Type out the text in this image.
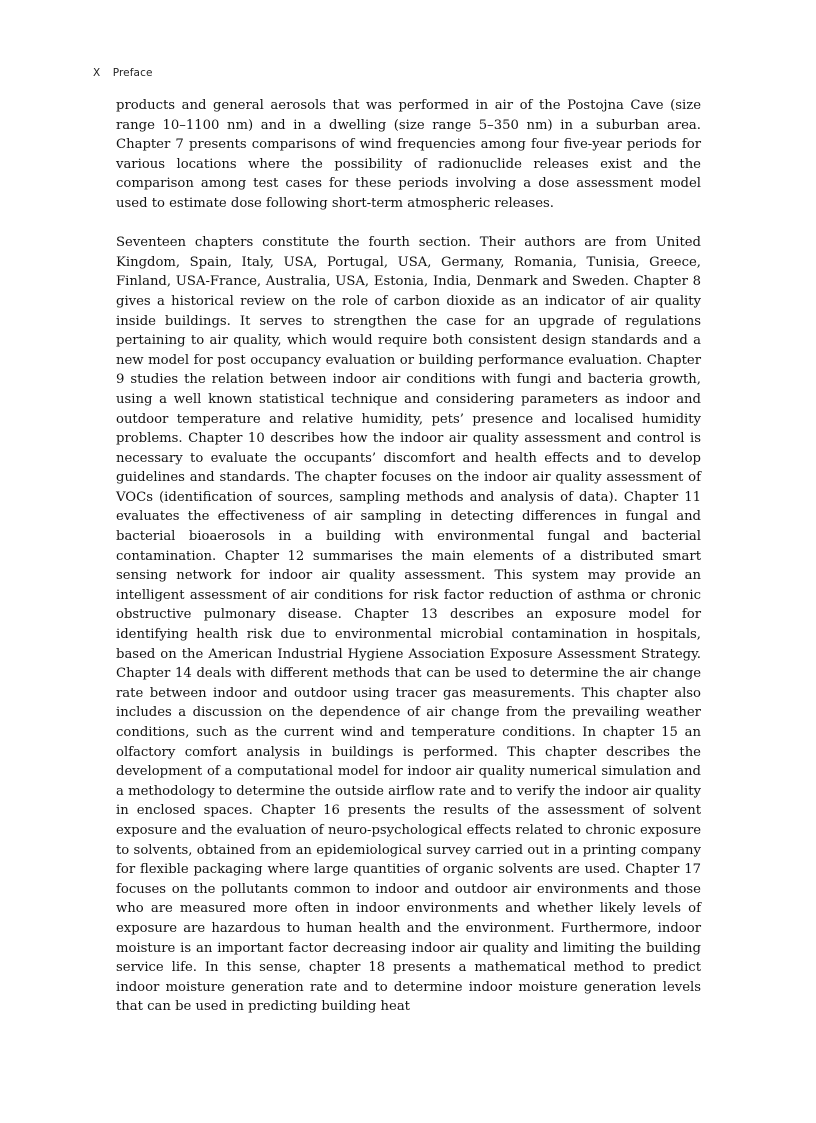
X Preface

products and general aerosols that was performed in air of the Postojna Cave (size range 10–1100 nm) and in a dwelling (size range 5–350 nm) in a suburban area. Chapter 7 presents comparisons of wind frequencies among four five-year periods for various locations where the possibility of radionuclide releases exist and the comparison among test cases for these periods involving a dose assessment model used to estimate dose following short-term atmospheric releases.

Seventeen chapters constitute the fourth section. Their authors are from United Kingdom, Spain, Italy, USA, Portugal, USA, Germany, Romania, Tunisia, Greece, Finland, USA-France, Australia, USA, Estonia, India, Denmark and Sweden. Chapter 8 gives a historical review on the role of carbon dioxide as an indicator of air quality inside buildings. It serves to strengthen the case for an upgrade of regulations pertaining to air quality, which would require both consistent design standards and a new model for post occupancy evaluation or building performance evaluation. Chapter 9 studies the relation between indoor air conditions with fungi and bacteria growth, using a well known statistical technique and considering parameters as indoor and outdoor temperature and relative humidity, pets’ presence and localised humidity problems. Chapter 10 describes how the indoor air quality assessment and control is necessary to evaluate the occupants’ discomfort and health effects and to develop guidelines and standards. The chapter focuses on the indoor air quality assessment of VOCs (identification of sources, sampling methods and analysis of data). Chapter 11 evaluates the effectiveness of air sampling in detecting differences in fungal and bacterial bioaerosols in a building with environmental fungal and bacterial contamination. Chapter 12 summarises the main elements of a distributed smart sensing network for indoor air quality assessment. This system may provide an intelligent assessment of air conditions for risk factor reduction of asthma or chronic obstructive pulmonary disease. Chapter 13 describes an exposure model for identifying health risk due to environmental microbial contamination in hospitals, based on the American Industrial Hygiene Association Exposure Assessment Strategy. Chapter 14 deals with different methods that can be used to determine the air change rate between indoor and outdoor using tracer gas measurements. This chapter also includes a discussion on the dependence of air change from the prevailing weather conditions, such as the current wind and temperature conditions. In chapter 15 an olfactory comfort analysis in buildings is performed. This chapter describes the development of a computational model for indoor air quality numerical simulation and a methodology to determine the outside airflow rate and to verify the indoor air quality in enclosed spaces. Chapter 16 presents the results of the assessment of solvent exposure and the evaluation of neuro-psychological effects related to chronic exposure to solvents, obtained from an epidemiological survey carried out in a printing company for flexible packaging where large quantities of organic solvents are used. Chapter 17 focuses on the pollutants common to indoor and outdoor air environments and those who are measured more often in indoor environments and whether likely levels of exposure are hazardous to human health and the environment. Furthermore, indoor moisture is an important factor decreasing indoor air quality and limiting the building service life. In this sense, chapter 18 presents a mathematical method to predict indoor moisture generation rate and to determine indoor moisture generation levels that can be used in predicting building heat
